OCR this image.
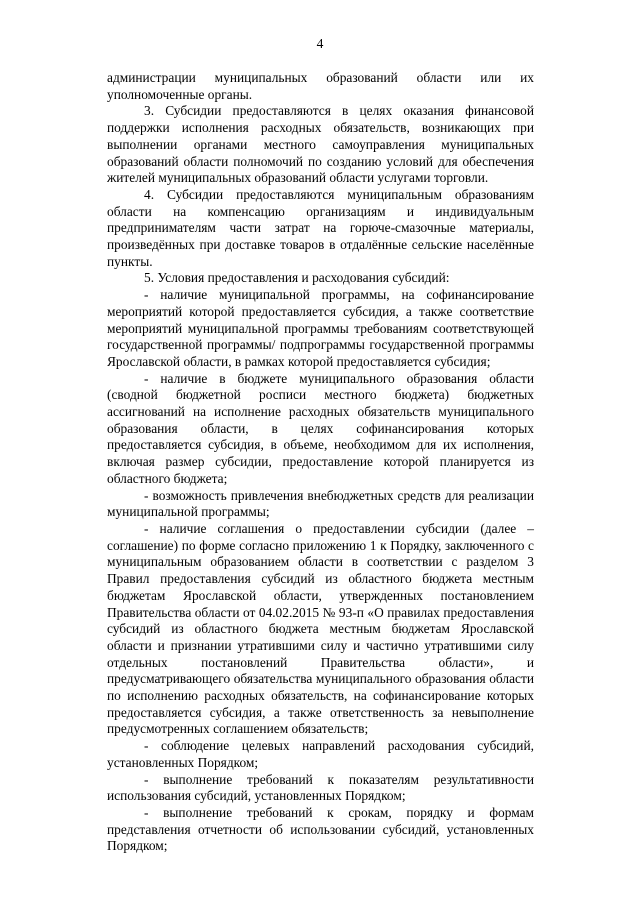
4

администрации муниципальных образований области или их уполномоченные органы.

3. Субсидии предоставляются в целях оказания финансовой поддержки исполнения расходных обязательств, возникающих при выполнении органами местного самоуправления муниципальных образований области полномочий по созданию условий для обеспечения жителей муниципальных образований области услугами торговли.

4. Субсидии предоставляются муниципальным образованиям области на компенсацию организациям и индивидуальным предпринимателям части затрат на горюче-смазочные материалы, произведённых при доставке товаров в отдалённые сельские населённые пункты.

5. Условия предоставления и расходования субсидий:

- наличие муниципальной программы, на софинансирование мероприятий которой предоставляется субсидия, а также соответствие мероприятий муниципальной программы требованиям соответствующей государственной программы/ подпрограммы государственной программы Ярославской области, в рамках которой предоставляется субсидия;

- наличие в бюджете муниципального образования области (сводной бюджетной росписи местного бюджета) бюджетных ассигнований на исполнение расходных обязательств муниципального образования области, в целях софинансирования которых предоставляется субсидия, в объеме, необходимом для их исполнения, включая размер субсидии, предоставление которой планируется из областного бюджета;

- возможность привлечения внебюджетных средств для реализации муниципальной программы;

- наличие соглашения о предоставлении субсидии (далее – соглашение) по форме согласно приложению 1 к Порядку, заключенного с муниципальным образованием области в соответствии с разделом 3 Правил предоставления субсидий из областного бюджета местным бюджетам Ярославской области, утвержденных постановлением Правительства области от 04.02.2015 № 93-п «О правилах предоставления субсидий из областного бюджета местным бюджетам Ярославской области и признании утратившими силу и частично утратившими силу отдельных постановлений Правительства области», и предусматривающего обязательства муниципального образования области по исполнению расходных обязательств, на софинансирование которых предоставляется субсидия, а также ответственность за невыполнение предусмотренных соглашением обязательств;

- соблюдение целевых направлений расходования субсидий, установленных Порядком;

- выполнение требований к показателям результативности использования субсидий, установленных Порядком;

- выполнение требований к срокам, порядку и формам представления отчетности об использовании субсидий, установленных Порядком;
